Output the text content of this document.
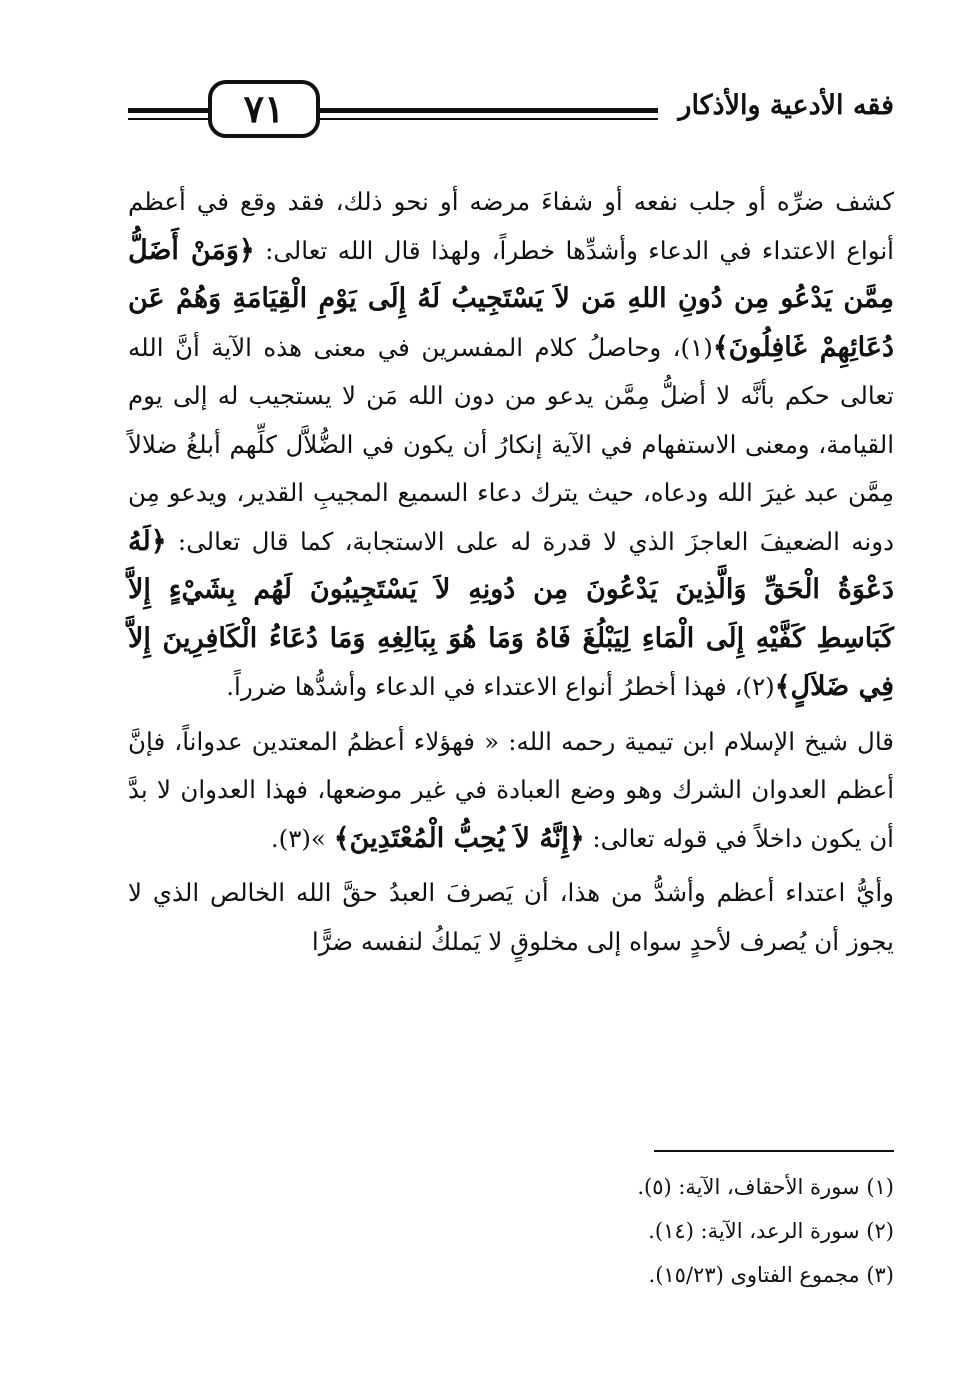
٧١	فقه الأدعية والأذكار

كشف ضرِّه أو جلب نفعه أو شفاءَ مرضه أو نحو ذلك، فقد وقع في أعظم أنواع الاعتداء في الدعاء وأشدِّها خطراً، ولهذا قال الله تعالى: ﴿وَمَنْ أَضَلُّ مِمَّن يَدْعُو مِن دُونِ اللهِ مَن لاَ يَسْتَجِيبُ لَهُ إِلَى يَوْمِ الْقِيَامَةِ وَهُمْ عَن دُعَائِهِمْ غَافِلُونَ﴾(١)، وحاصلُ كلام المفسرين في معنى هذه الآية أنَّ الله تعالى حكم بأنَّه لا أضلُّ مِمَّن يدعو من دون الله مَن لا يستجيب له إلى يوم القيامة، ومعنى الاستفهام في الآية إنكارُ أن يكون في الضُّلاَّل كلِّهم أبلغُ ضلالاً مِمَّن عبد غيرَ الله ودعاه، حيث يترك دعاء السميع المجيبِ القدير، ويدعو مِن دونه الضعيفَ العاجزَ الذي لا قدرة له على الاستجابة، كما قال تعالى: ﴿لَهُ دَعْوَةُ الْحَقِّ وَالَّذِينَ يَدْعُونَ مِن دُونِهِ لاَ يَسْتَجِيبُونَ لَهُم بِشَيْءٍ إِلاَّ كَبَاسِطِ كَفَّيْهِ إِلَى الْمَاءِ لِيَبْلُغَ فَاهُ وَمَا هُوَ بِبَالِغِهِ وَمَا دُعَاءُ الْكَافِرِينَ إِلاَّ فِي ضَلاَلٍ﴾(٢)، فهذا أخطرُ أنواع الاعتداء في الدعاء وأشدُّها ضرراً.

قال شيخ الإسلام ابن تيمية رحمه الله: « فهؤلاء أعظمُ المعتدين عدواناً، فإنَّ أعظم العدوان الشرك وهو وضع العبادة في غير موضعها، فهذا العدوان لا بدَّ أن يكون داخلاً في قوله تعالى: ﴿إِنَّهُ لاَ يُحِبُّ الْمُعْتَدِينَ﴾ »(٣).

وأيُّ اعتداء أعظم وأشدُّ من هذا، أن يَصرفَ العبدُ حقَّ الله الخالص الذي لا يجوز أن يُصرف لأحدٍ سواه إلى مخلوقٍ لا يَملكُ لنفسه ضرًّا

(١) سورة الأحقاف، الآية: (٥).
(٢) سورة الرعد، الآية: (١٤).
(٣) مجموع الفتاوى (١٥/٢٣).
